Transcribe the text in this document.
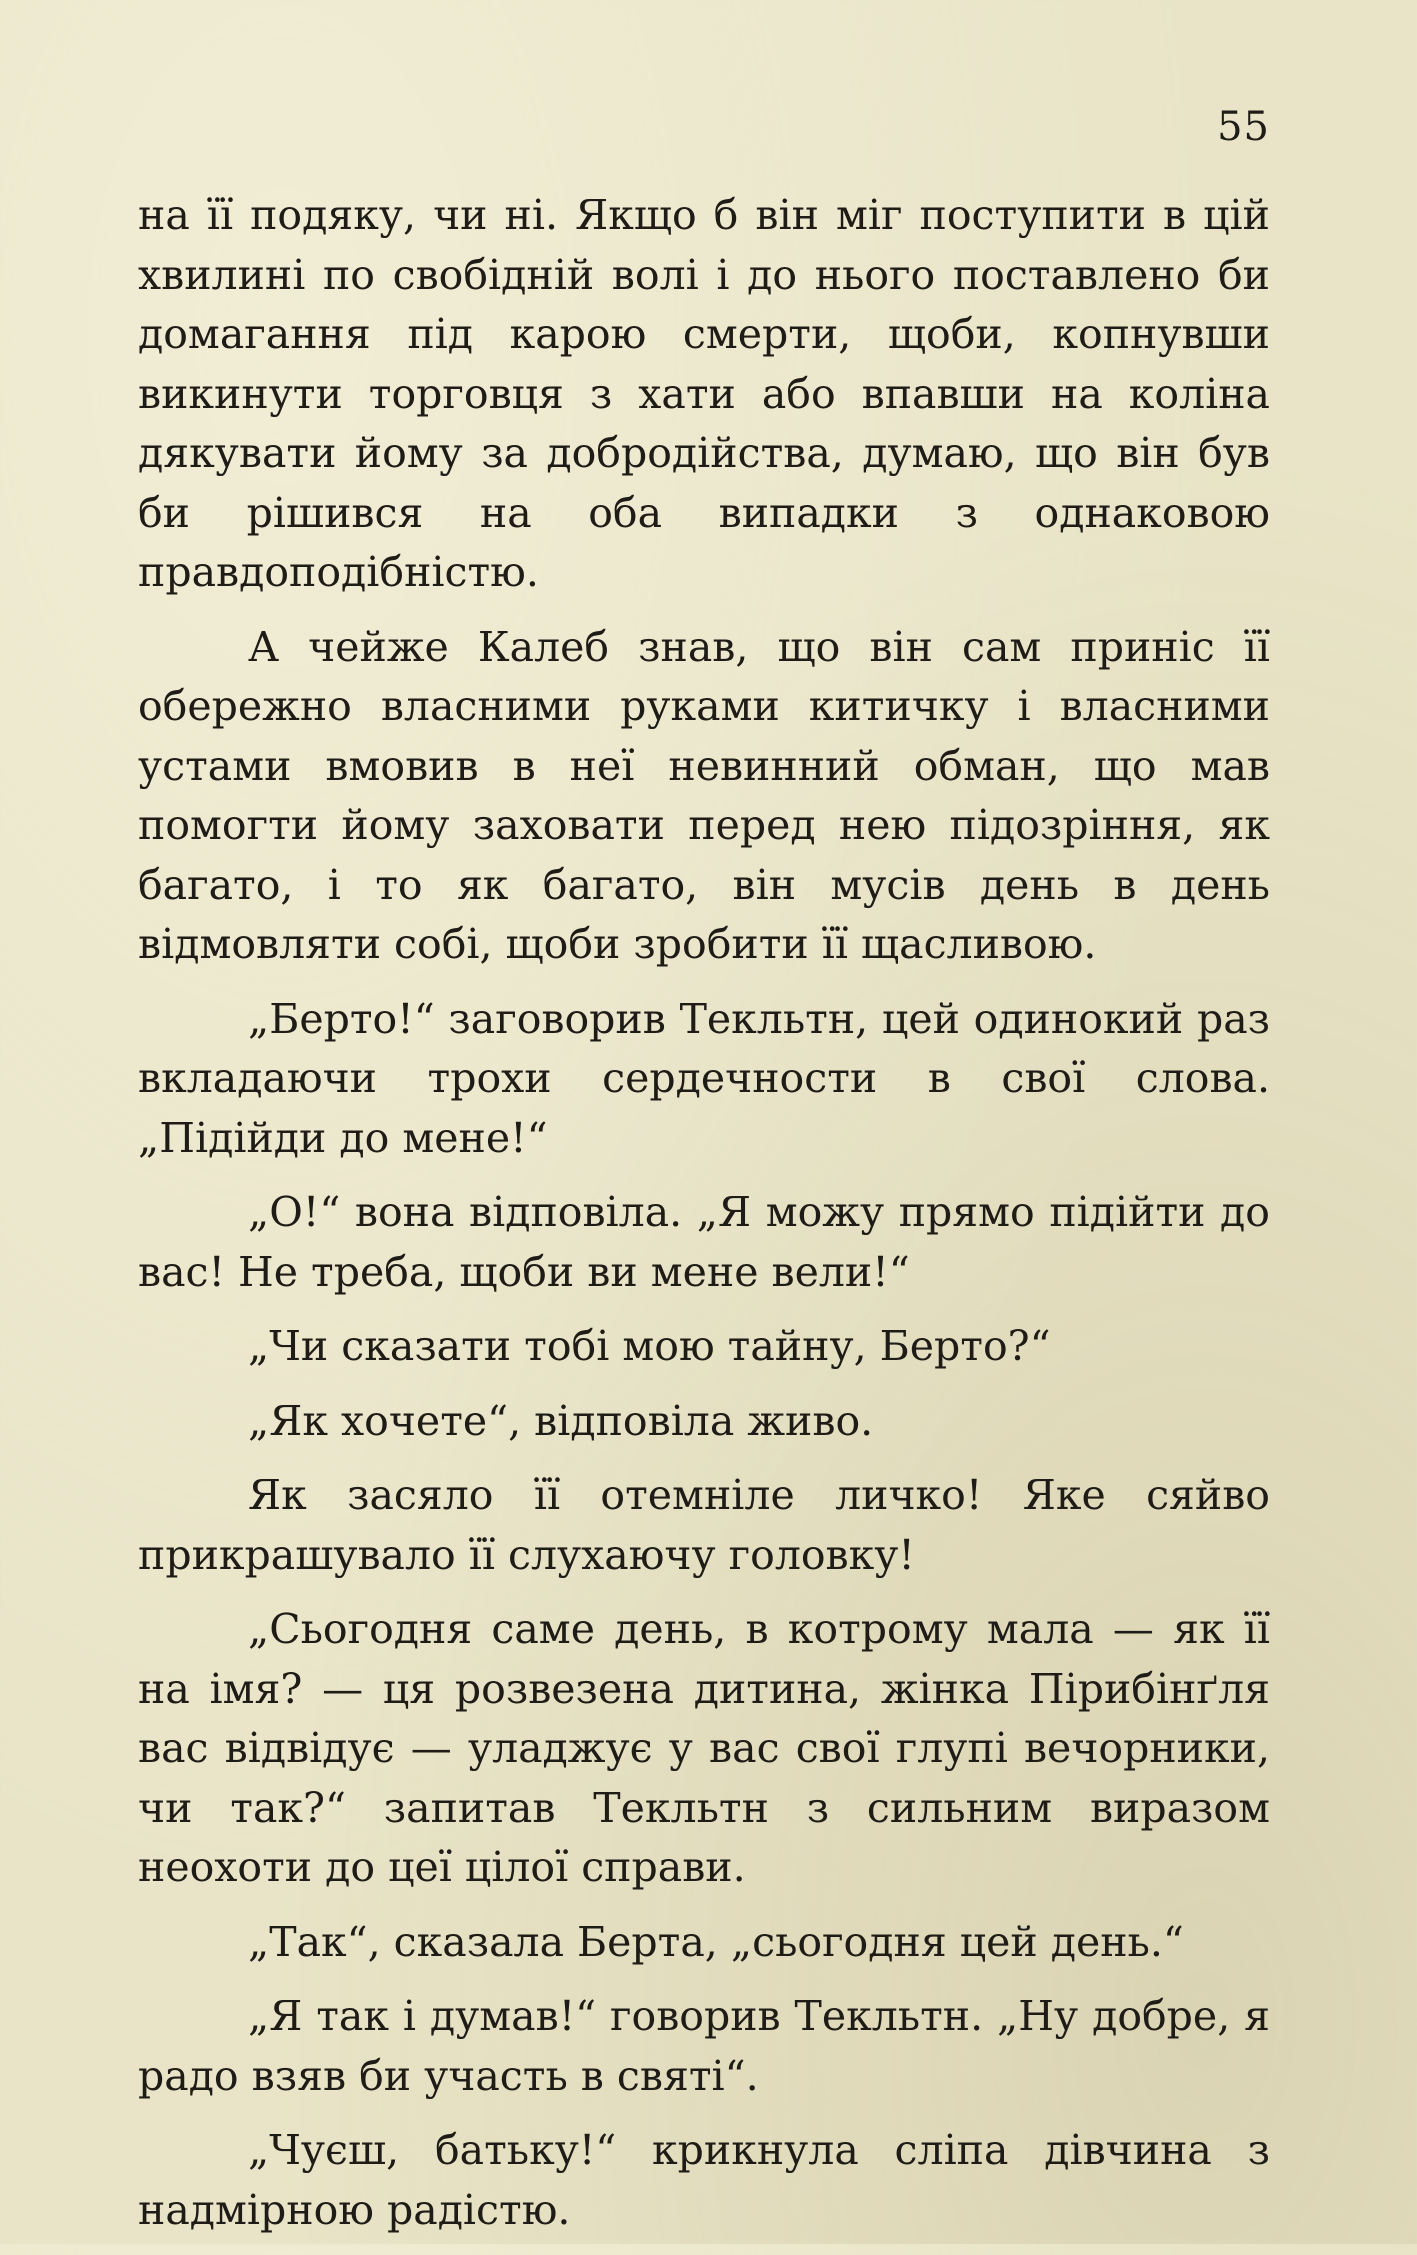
55

на її подяку, чи ні. Якщо б він міг поступити в цій хвилині по свобідній волі і до нього поставлено би домагання під карою смерти, щоби, копнувши викинути торговця з хати або впавши на коліна дякувати йому за добродійства, думаю, що він був би рішився на оба випадки з однаковою правдоподібністю.

А чейже Калеб знав, що він сам приніс її обережно власними руками китичку і власними устами вмовив в неї невинний обман, що мав помогти йому заховати перед нею підозріння, як багато, і то як багато, він мусів день в день відмовляти собі, щоби зробити її щасливою.

„Берто!“ заговорив Текльтн, цей одинокий раз вкладаючи трохи сердечности в свої слова. „Підійди до мене!“

„О!“ вона відповіла. „Я можу прямо підійти до вас! Не треба, щоби ви мене вели!“

„Чи сказати тобі мою тайну, Берто?“

„Як хочете“, відповіла живо.

Як засяло її отемніле личко! Яке сяйво прикрашувало її слухаючу головку!

„Сьогодня саме день, в котрому мала — як її на імя? — ця розвезена дитина, жінка Пірибінґля вас відвідує — уладжує у вас свої глупі вечорники, чи так?“ запитав Текльтн з сильним виразом неохоти до цеї цілої справи.

„Так“, сказала Берта, „сьогодня цей день.“

„Я так і думав!“ говорив Текльтн. „Ну добре, я радо взяв би участь в святі“.

„Чуєш, батьку!“ крикнула сліпа дівчина з надмірною радістю.
